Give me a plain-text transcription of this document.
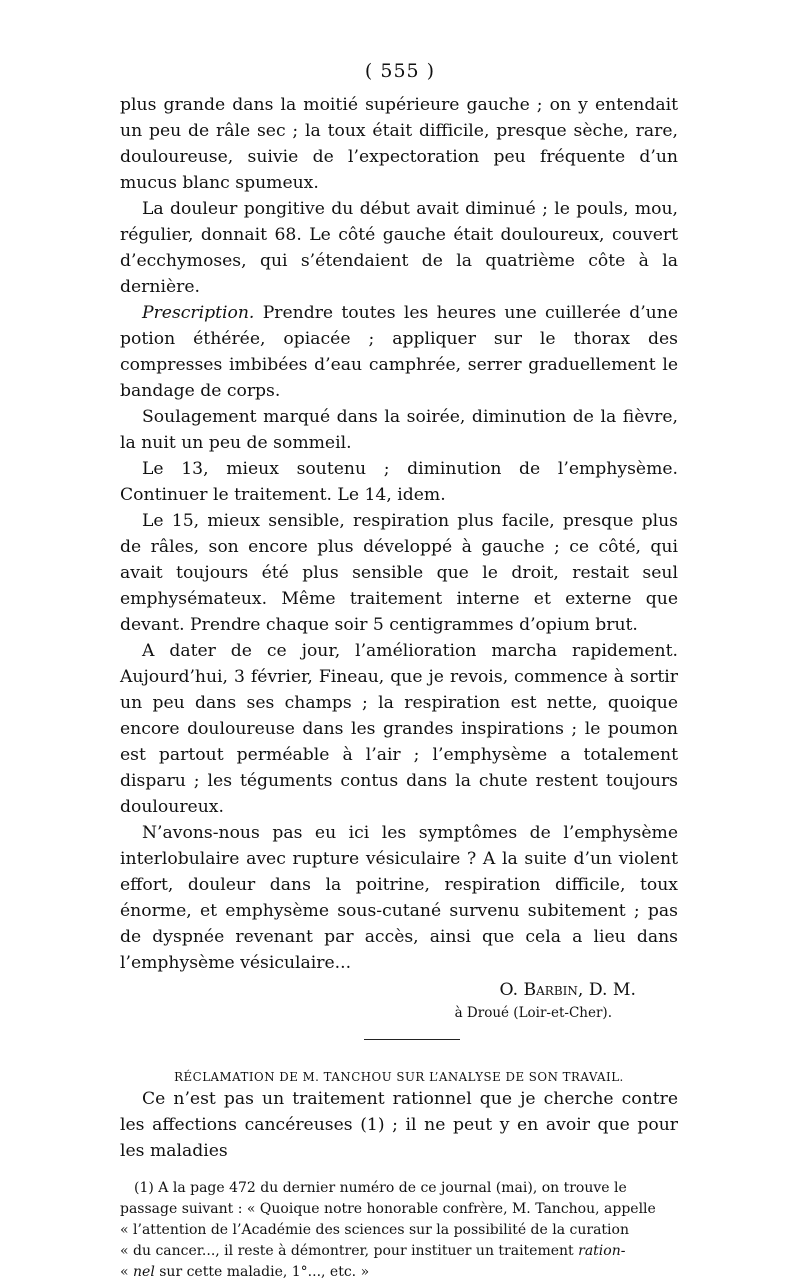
( 555 )

plus grande dans la moitié supérieure gauche ; on y entendait un peu de râle sec ; la toux était difficile, presque sèche, rare, douloureuse, suivie de l’expectoration peu fréquente d’un mucus blanc spumeux.

La douleur pongitive du début avait diminué ; le pouls, mou, régulier, donnait 68. Le côté gauche était douloureux, couvert d’ecchymoses, qui s’étendaient de la quatrième côte à la dernière.

Prescription. Prendre toutes les heures une cuillerée d’une potion éthérée, opiacée ; appliquer sur le thorax des compresses imbibées d’eau camphrée, serrer graduellement le bandage de corps.

Soulagement marqué dans la soirée, diminution de la fièvre, la nuit un peu de sommeil.

Le 13, mieux soutenu ; diminution de l’emphysème. Continuer le traitement. Le 14, idem.

Le 15, mieux sensible, respiration plus facile, presque plus de râles, son encore plus développé à gauche ; ce côté, qui avait toujours été plus sensible que le droit, restait seul emphysémateux. Même traitement interne et externe que devant. Prendre chaque soir 5 centigrammes d’opium brut.

A dater de ce jour, l’amélioration marcha rapidement. Aujourd’hui, 3 février, Fineau, que je revois, commence à sortir un peu dans ses champs ; la respiration est nette, quoique encore douloureuse dans les grandes inspirations ; le poumon est partout perméable à l’air ; l’emphysème a totalement disparu ; les téguments contus dans la chute restent toujours douloureux.

N’avons-nous pas eu ici les symptômes de l’emphysème interlobulaire avec rupture vésiculaire ? A la suite d’un violent effort, douleur dans la poitrine, respiration difficile, toux énorme, et emphysème sous-cutané survenu subitement ; pas de dyspnée revenant par accès, ainsi que cela a lieu dans l’emphysème vésiculaire...

O. Barbin, D. M.
à Droué (Loir-et-Cher).
RÉCLAMATION DE M. TANCHOU SUR L’ANALYSE DE SON TRAVAIL.

Ce n’est pas un traitement rationnel que je cherche contre les affections cancéreuses (1) ; il ne peut y en avoir que pour les maladies

(1) A la page 472 du dernier numéro de ce journal (mai), on trouve le
passage suivant : « Quoique notre honorable confrère, M. Tanchou, appelle
« l’attention de l’Académie des sciences sur la possibilité de la curation
« du cancer..., il reste à démontrer, pour instituer un traitement ration-
« nel sur cette maladie, 1°..., etc. »
